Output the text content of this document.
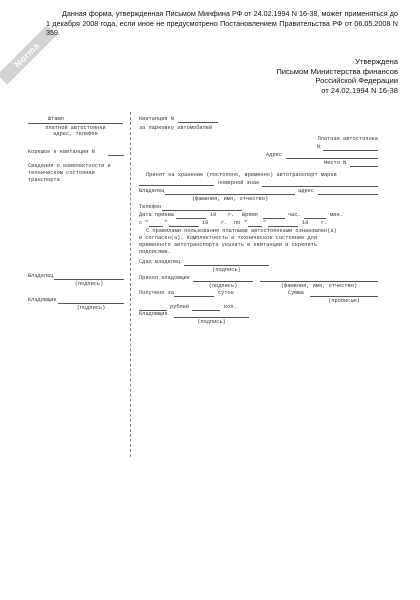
Norma
Данная форма, утвержденная Письмом Минфина РФ от 24.02.1994 N 16-38, может применяться до 1 декабря 2008 года, если иное не предусмотрено Постановлением Правительства РФ от 06.05.2008 N 359.
Утверждена
Письмом Министерства финансов
Российской Федерации
от 24.02.1994 N 16-38
Штамп
платной автостоянки
адрес, телефон
Корешок к квитанции N
Сведения о комплектности и
техническом состоянии
транспорта
Владелец
(подпись)
Кладовщик
(подпись)
Квитанция N
за парковку автомобилей
Платная автостоянка
N
Адрес
Место N
Принят на хранение (постоянно, временно) автотранспорт марки
номерной знак
Владелец	адрес
(фамилия, имя, отчество)
Телефон
Дата приема	19 г. Время	час.	мин.
с "	"	19 г. по "	"	19 г.
С правилами пользования платными автостоянками ознакомлен(а)
и согласен(а). Комплектность и техническое состояние для
временного автотранспорта указать в квитанции и скрепить
подписями.
Сдал владелец
(подпись)
Принял кладовщик
(подпись)	(фамилия, имя, отчество)
Получено за	суток	Сумма
(прописью)
рублей	коп.
Кладовщик
(подпись)
